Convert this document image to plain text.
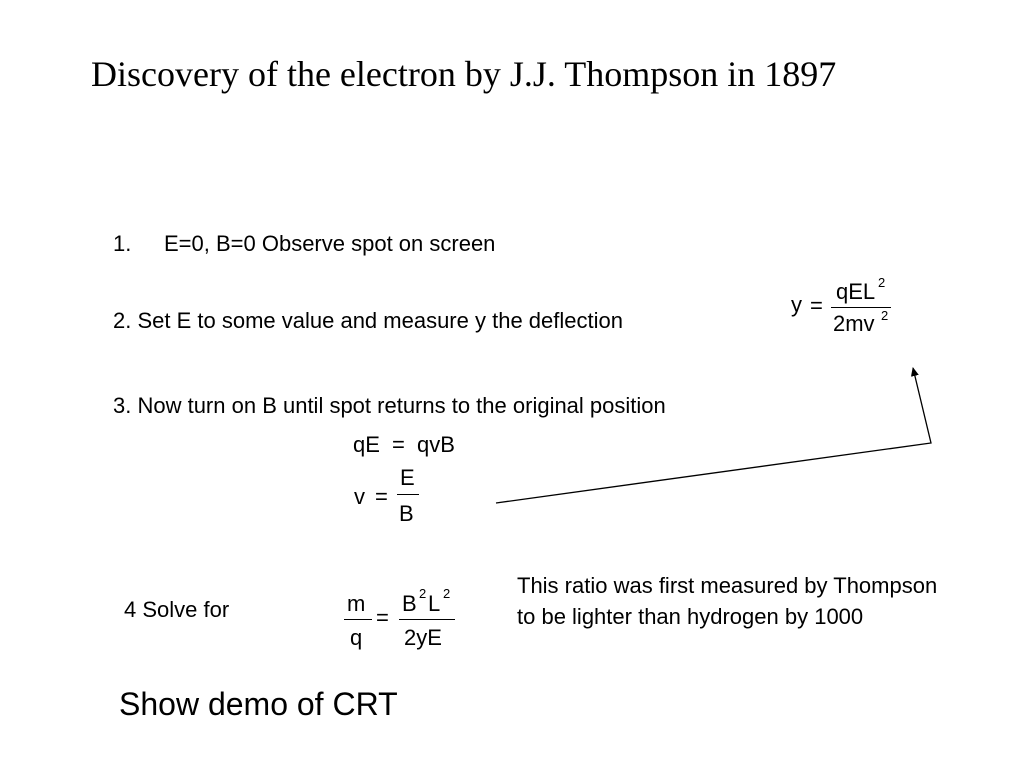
Discovery of the electron by J.J. Thompson in 1897
1. E=0, B=0 Observe spot on screen
2. Set E to some value and measure y the deflection
3. Now turn on B until spot returns to the original position
4 Solve for
y =
qEL 2
2mv 2
qE = qvB
v =
E
B
m
q
=
B 2 L 2
2yE
This ratio was first measured by Thompson
to be lighter than hydrogen by 1000
Show demo of CRT
